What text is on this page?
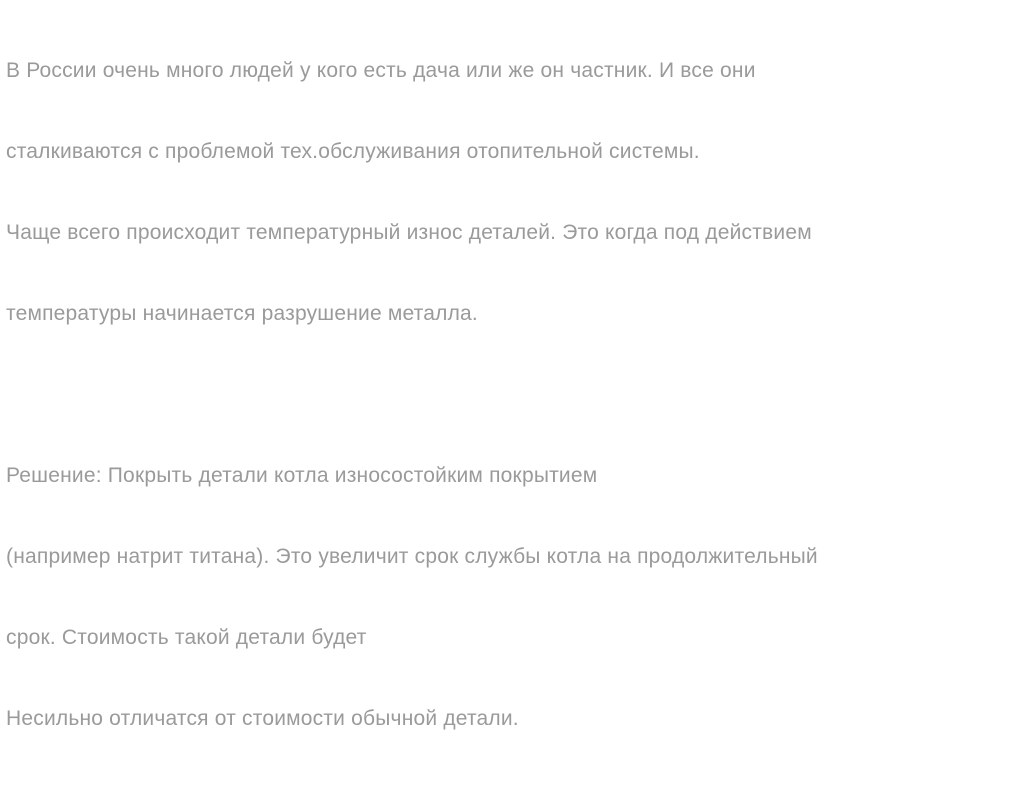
В России очень много людей у кого есть дача или же он частник. И все они

сталкиваются с проблемой тех.обслуживания отопительной системы.

Чаще всего происходит температурный износ деталей. Это когда под действием

температуры начинается разрушение металла.

Решение: Покрыть детали котла износостойким покрытием

(например натрит титана). Это увеличит срок службы котла на продолжительный

срок. Стоимость такой детали будет

Несильно отличатся от стоимости обычной детали.
